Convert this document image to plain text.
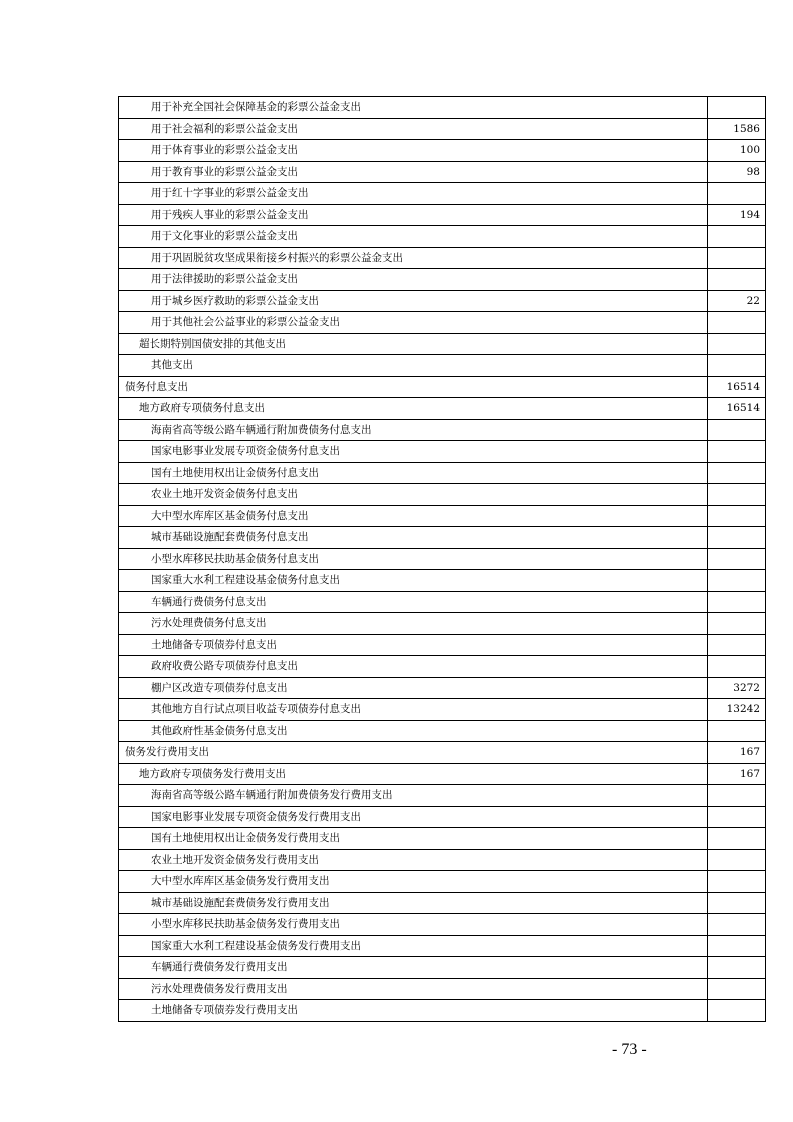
用于补充全国社会保障基金的彩票公益金支出	
用于社会福利的彩票公益金支出	1586
用于体育事业的彩票公益金支出	100
用于教育事业的彩票公益金支出	98
用于红十字事业的彩票公益金支出	
用于残疾人事业的彩票公益金支出	194
用于文化事业的彩票公益金支出	
用于巩固脱贫攻坚成果衔接乡村振兴的彩票公益金支出	
用于法律援助的彩票公益金支出	
用于城乡医疗救助的彩票公益金支出	22
用于其他社会公益事业的彩票公益金支出	
超长期特别国债安排的其他支出	
其他支出	
债务付息支出	16514
地方政府专项债务付息支出	16514
海南省高等级公路车辆通行附加费债务付息支出	
国家电影事业发展专项资金债务付息支出	
国有土地使用权出让金债务付息支出	
农业土地开发资金债务付息支出	
大中型水库库区基金债务付息支出	
城市基础设施配套费债务付息支出	
小型水库移民扶助基金债务付息支出	
国家重大水利工程建设基金债务付息支出	
车辆通行费债务付息支出	
污水处理费债务付息支出	
土地储备专项债券付息支出	
政府收费公路专项债券付息支出	
棚户区改造专项债券付息支出	3272
其他地方自行试点项目收益专项债券付息支出	13242
其他政府性基金债务付息支出	
债务发行费用支出	167
地方政府专项债务发行费用支出	167
海南省高等级公路车辆通行附加费债务发行费用支出	
国家电影事业发展专项资金债务发行费用支出	
国有土地使用权出让金债务发行费用支出	
农业土地开发资金债务发行费用支出	
大中型水库库区基金债务发行费用支出	
城市基础设施配套费债务发行费用支出	
小型水库移民扶助基金债务发行费用支出	
国家重大水利工程建设基金债务发行费用支出	
车辆通行费债务发行费用支出	
污水处理费债务发行费用支出	
土地储备专项债券发行费用支出	
- 73 -
